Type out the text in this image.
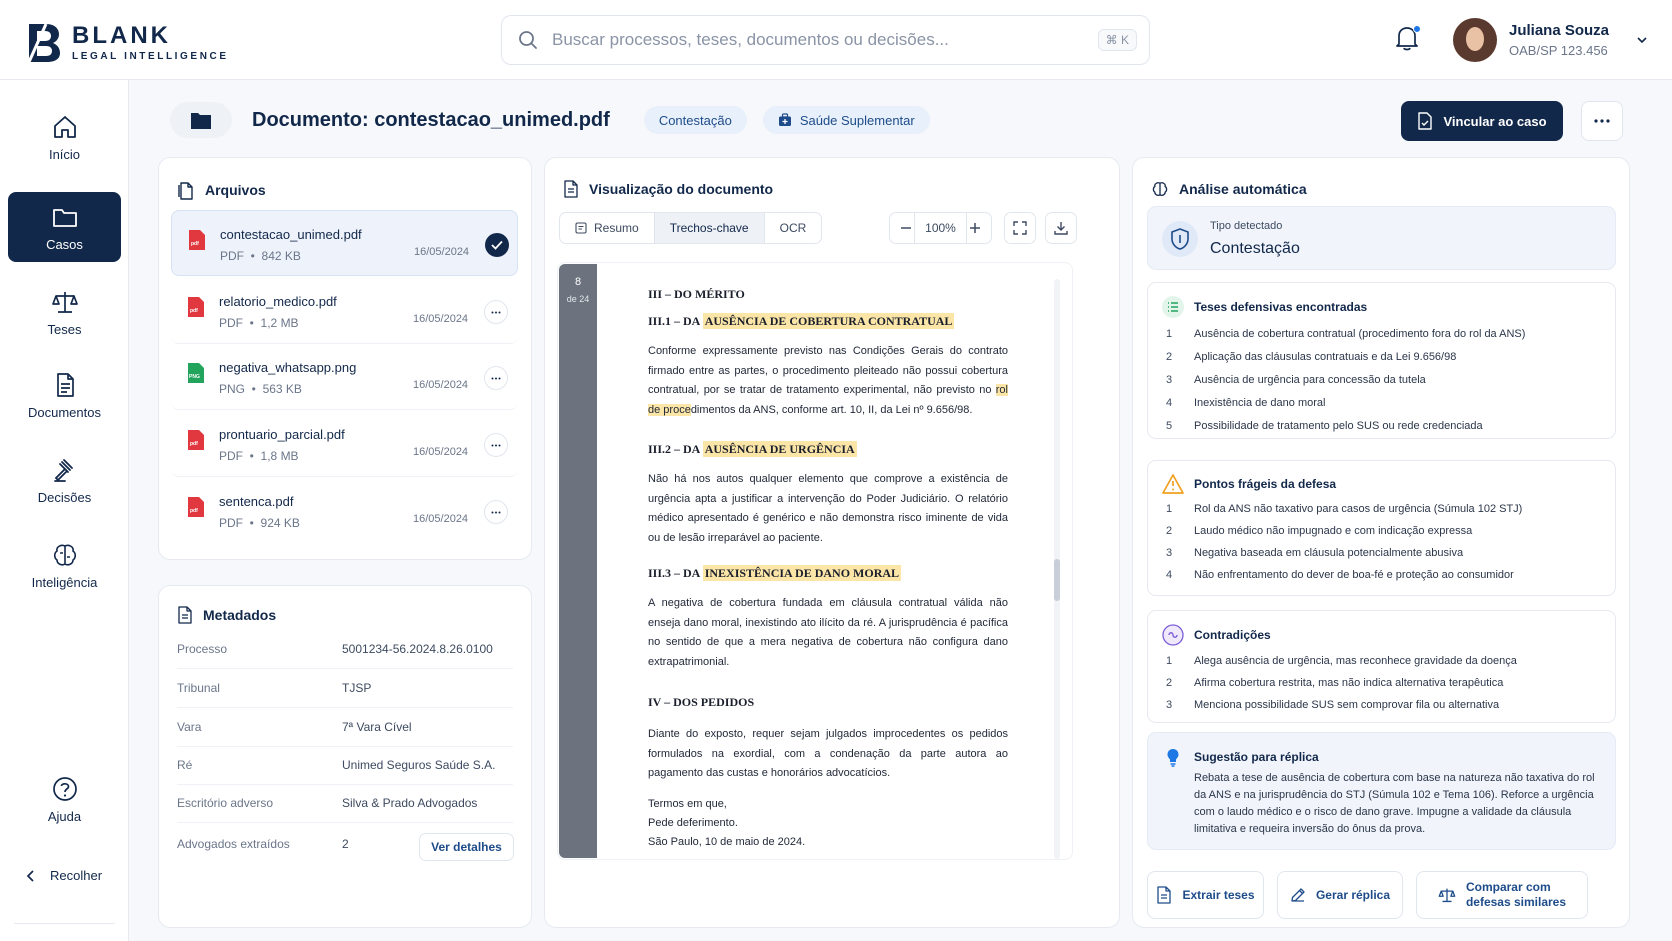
BLANK
LEGAL INTELLIGENCE
Buscar processos, teses, documentos ou decisões...	⌘ K
Juliana Souza
OAB/SP 123.456
Início
Casos
Teses
Documentos
Decisões
Inteligência
Ajuda
Recolher
Documento: contestacao_unimed.pdf	Contestação	Saúde Suplementar	Vincular ao caso
Arquivos
pdf
contestacao_unimed.pdf
PDF  •  842 KB	16/05/2024
pdf
relatorio_medico.pdf
PDF  •  1,2 MB	16/05/2024
PNG
negativa_whatsapp.png
PNG  •  563 KB	16/05/2024
pdf
prontuario_parcial.pdf
PDF  •  1,8 MB	16/05/2024
pdf
sentenca.pdf
PDF  •  924 KB	16/05/2024
Metadados
Processo	5001234-56.2024.8.26.0100
Tribunal	TJSP
Vara	7ª Vara Cível
Ré	Unimed Seguros Saúde S.A.
Escritório adverso	Silva & Prado Advogados
Advogados extraídos	2	Ver detalhes
Visualização do documento
Resumo	Trechos-chave	OCR	100%
8
de 24	III – DO MÉRITO
III.1 – DA AUSÊNCIA DE COBERTURA CONTRATUAL
Conforme expressamente previsto nas Condições Gerais do contrato firmado entre as partes, o procedimento pleiteado não possui cobertura contratual, por se tratar de tratamento experimental, não previsto no rol de procedimentos da ANS, conforme art. 10, II, da Lei nº 9.656/98.
III.2 – DA AUSÊNCIA DE URGÊNCIA
Não há nos autos qualquer elemento que comprove a existência de urgência apta a justificar a intervenção do Poder Judiciário. O relatório médico apresentado é genérico e não demonstra risco iminente de vida ou de lesão irreparável ao paciente.
III.3 – DA INEXISTÊNCIA DE DANO MORAL
A negativa de cobertura fundada em cláusula contratual válida não enseja dano moral, inexistindo ato ilícito da ré. A jurisprudência é pacífica no sentido de que a mera negativa de cobertura não configura dano extrapatrimonial.
IV – DOS PEDIDOS
Diante do exposto, requer sejam julgados improcedentes os pedidos formulados na exordial, com a condenação da parte autora ao pagamento das custas e honorários advocatícios.
Termos em que,
Pede deferimento.
São Paulo, 10 de maio de 2024.
Análise automática
Tipo detectado
Contestação
Teses defensivas encontradas
1 Ausência de cobertura contratual (procedimento fora do rol da ANS)
2 Aplicação das cláusulas contratuais e da Lei 9.656/98
3 Ausência de urgência para concessão da tutela
4 Inexistência de dano moral
5 Possibilidade de tratamento pelo SUS ou rede credenciada
Pontos frágeis da defesa
1 Rol da ANS não taxativo para casos de urgência (Súmula 102 STJ)
2 Laudo médico não impugnado e com indicação expressa
3 Negativa baseada em cláusula potencialmente abusiva
4 Não enfrentamento do dever de boa-fé e proteção ao consumidor
Contradições
1 Alega ausência de urgência, mas reconhece gravidade da doença
2 Afirma cobertura restrita, mas não indica alternativa terapêutica
3 Menciona possibilidade SUS sem comprovar fila ou alternativa
Sugestão para réplica
Rebata a tese de ausência de cobertura com base na natureza não taxativa do rol da ANS e na jurisprudência do STJ (Súmula 102 e Tema 106). Reforce a urgência com o laudo médico e o risco de dano grave. Impugne a validade da cláusula limitativa e requeira inversão do ônus da prova.
Extrair teses	Gerar réplica
Comparar com
defesas similares
